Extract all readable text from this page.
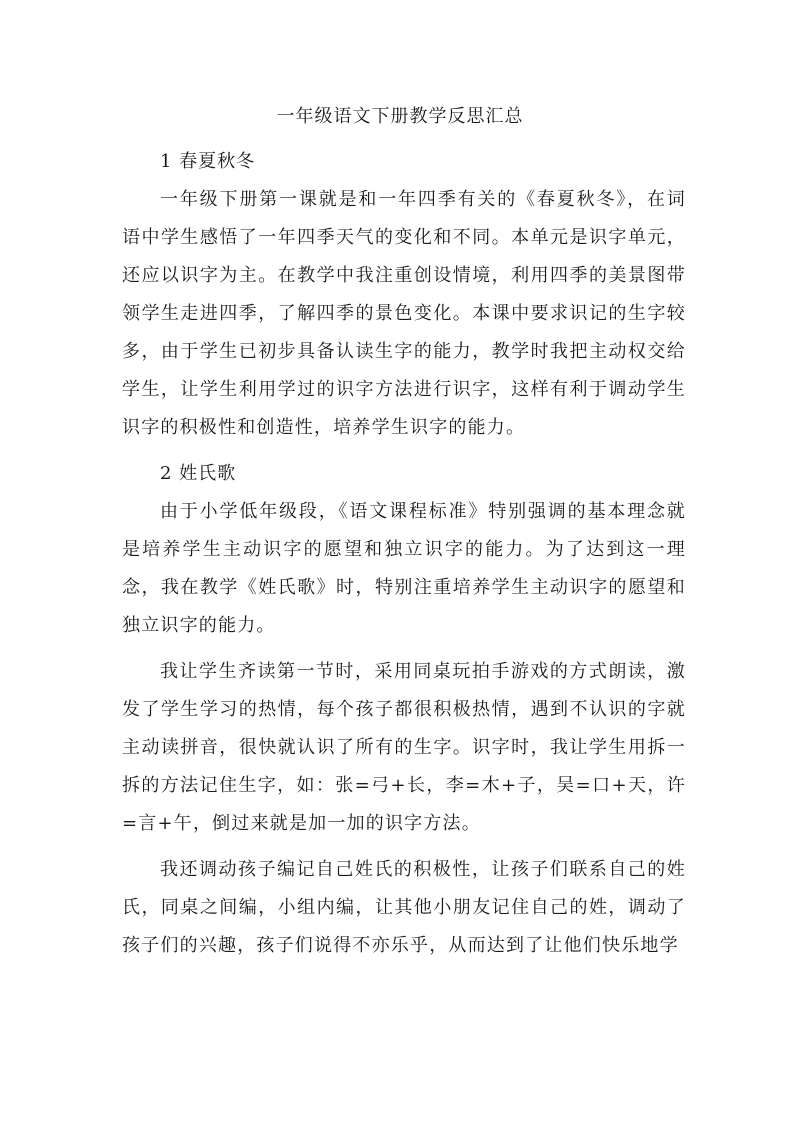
一年级语文下册教学反思汇总
1 春夏秋冬

一年级下册第一课就是和一年四季有关的《春夏秋冬》，在词语中学生感悟了一年四季天气的变化和不同。本单元是识字单元，还应以识字为主。在教学中我注重创设情境，利用四季的美景图带领学生走进四季，了解四季的景色变化。本课中要求识记的生字较多，由于学生已初步具备认读生字的能力，教学时我把主动权交给学生，让学生利用学过的识字方法进行识字，这样有利于调动学生识字的积极性和创造性，培养学生识字的能力。

2 姓氏歌

由于小学低年级段，《语文课程标准》特别强调的基本理念就是培养学生主动识字的愿望和独立识字的能力。为了达到这一理念，我在教学《姓氏歌》时，特别注重培养学生主动识字的愿望和独立识字的能力。

我让学生齐读第一节时，采用同桌玩拍手游戏的方式朗读，激发了学生学习的热情，每个孩子都很积极热情，遇到不认识的字就主动读拼音，很快就认识了所有的生字。识字时，我让学生用拆一拆的方法记住生字，如：张=弓+长，李=木+子，吴=口+天，许=言+午，倒过来就是加一加的识字方法。

我还调动孩子编记自己姓氏的积极性，让孩子们联系自己的姓氏，同桌之间编，小组内编，让其他小朋友记住自己的姓，调动了孩子们的兴趣，孩子们说得不亦乐乎，从而达到了让他们快乐地学
